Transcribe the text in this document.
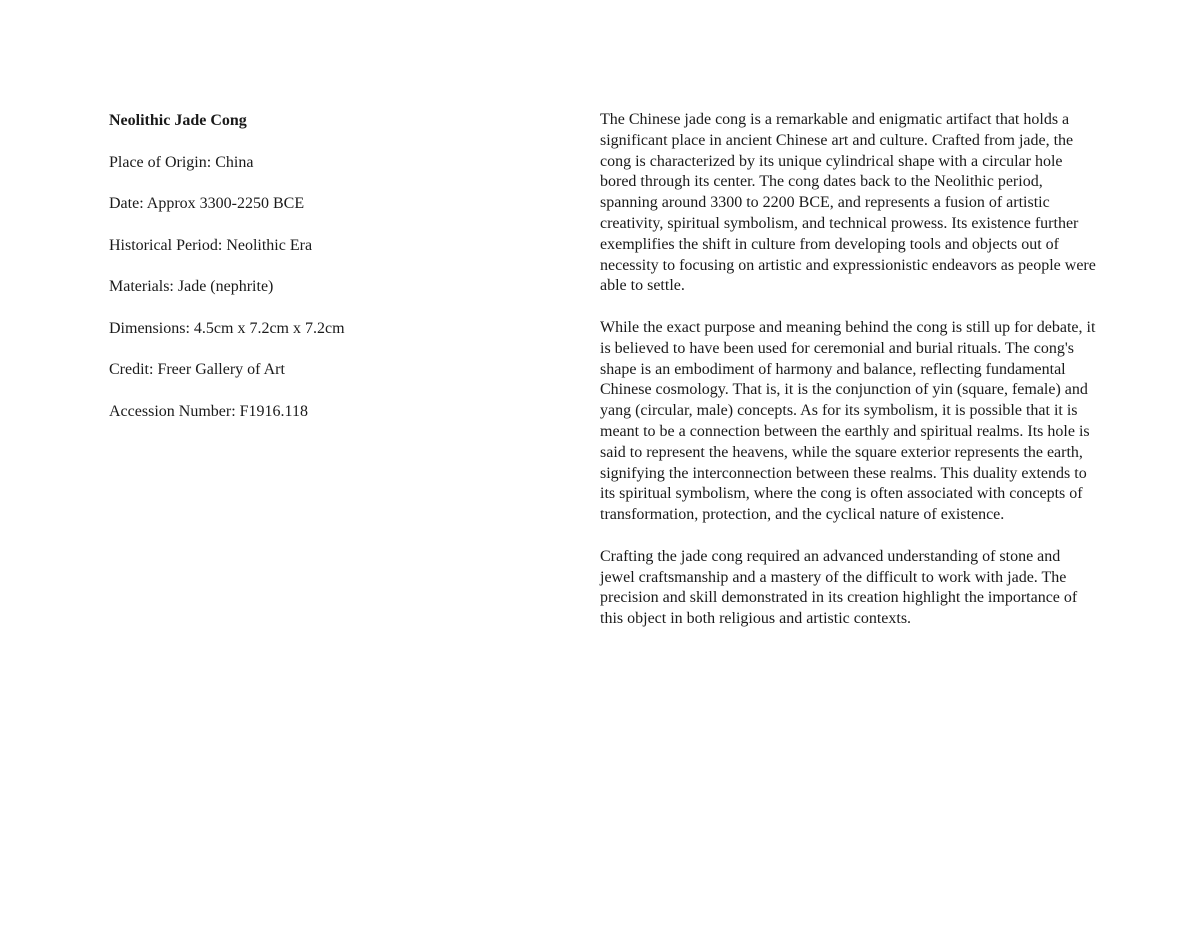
Neolithic Jade Cong

Place of Origin: China

Date: Approx 3300-2250 BCE

Historical Period: Neolithic Era

Materials: Jade (nephrite)

Dimensions: 4.5cm x 7.2cm x 7.2cm

Credit: Freer Gallery of Art

Accession Number: F1916.118

The Chinese jade cong is a remarkable and enigmatic artifact that holds a significant place in ancient Chinese art and culture. Crafted from jade, the cong is characterized by its unique cylindrical shape with a circular hole bored through its center. The cong dates back to the Neolithic period, spanning around 3300 to 2200 BCE, and represents a fusion of artistic creativity, spiritual symbolism, and technical prowess. Its existence further exemplifies the shift in culture from developing tools and objects out of necessity to focusing on artistic and expressionistic endeavors as people were able to settle.

While the exact purpose and meaning behind the cong is still up for debate, it is believed to have been used for ceremonial and burial rituals. The cong's shape is an embodiment of harmony and balance, reflecting fundamental Chinese cosmology. That is, it is the conjunction of yin (square, female) and yang (circular, male) concepts. As for its symbolism, it is possible that it is meant to be a connection between the earthly and spiritual realms. Its hole is said to represent the heavens, while the square exterior represents the earth, signifying the interconnection between these realms. This duality extends to its spiritual symbolism, where the cong is often associated with concepts of transformation, protection, and the cyclical nature of existence.

Crafting the jade cong required an advanced understanding of stone and jewel craftsmanship and a mastery of the difficult to work with jade. The precision and skill demonstrated in its creation highlight the importance of this object in both religious and artistic contexts.
